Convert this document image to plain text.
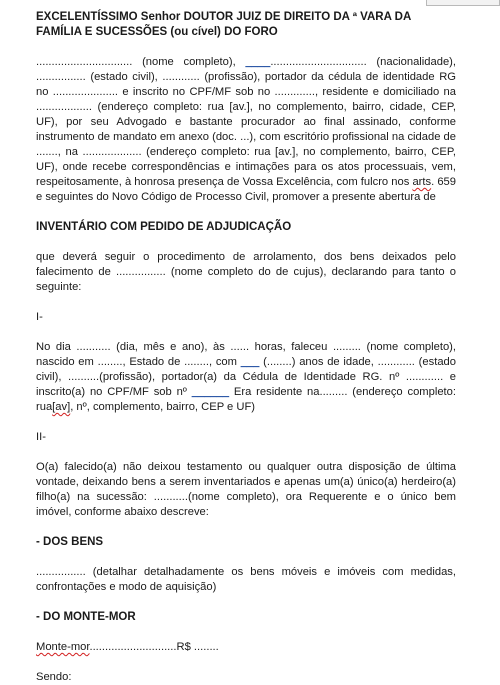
EXCELENTÍSSIMO Senhor DOUTOR JUIZ DE DIREITO DA ª VARA DA FAMÍLIA E SUCESSÕES (ou cível) DO FORO

............................... (nome completo), ____............................... (nacionalidade), ................ (estado civil), ............ (profissão), portador da cédula de identidade RG no ..................... e inscrito no CPF/MF sob no ............., residente e domiciliado na .................. (endereço completo: rua [av.], no complemento, bairro, cidade, CEP, UF), por seu Advogado e bastante procurador ao final assinado, conforme instrumento de mandato em anexo (doc. ...), com escritório profissional na cidade de ......., na ................... (endereço completo: rua [av.], no complemento, bairro, CEP, UF), onde recebe correspondências e intimações para os atos processuais, vem, respeitosamente, à honrosa presença de Vossa Excelência, com fulcro nos arts. 659 e seguintes do Novo Código de Processo Civil, promover a presente abertura de

INVENTÁRIO COM PEDIDO DE ADJUDICAÇÃO

que deverá seguir o procedimento de arrolamento, dos bens deixados pelo falecimento de ................ (nome completo do de cujus), declarando para tanto o seguinte:

I-

No dia ........... (dia, mês e ano), às ...... horas, faleceu ......... (nome completo), nascido em ........, Estado de ........, com ___ (........) anos de idade, ............ (estado civil), ..........(profissão), portador(a) da Cédula de Identidade RG. nº ............ e inscrito(a) no CPF/MF sob nº ______ Era residente na......... (endereço completo: rua[av], nº, complemento, bairro, CEP e UF)

II-

O(a) falecido(a) não deixou testamento ou qualquer outra disposição de última vontade, deixando bens a serem inventariados e apenas um(a) único(a) herdeiro(a) filho(a) na sucessão: ...........(nome completo), ora Requerente e o único bem imóvel, conforme abaixo descreve:

- DOS BENS

................ (detalhar detalhadamente os bens móveis e imóveis com medidas, confrontações e modo de aquisição)

- DO MONTE-MOR

Monte-mor............................R$ ........

Sendo:
